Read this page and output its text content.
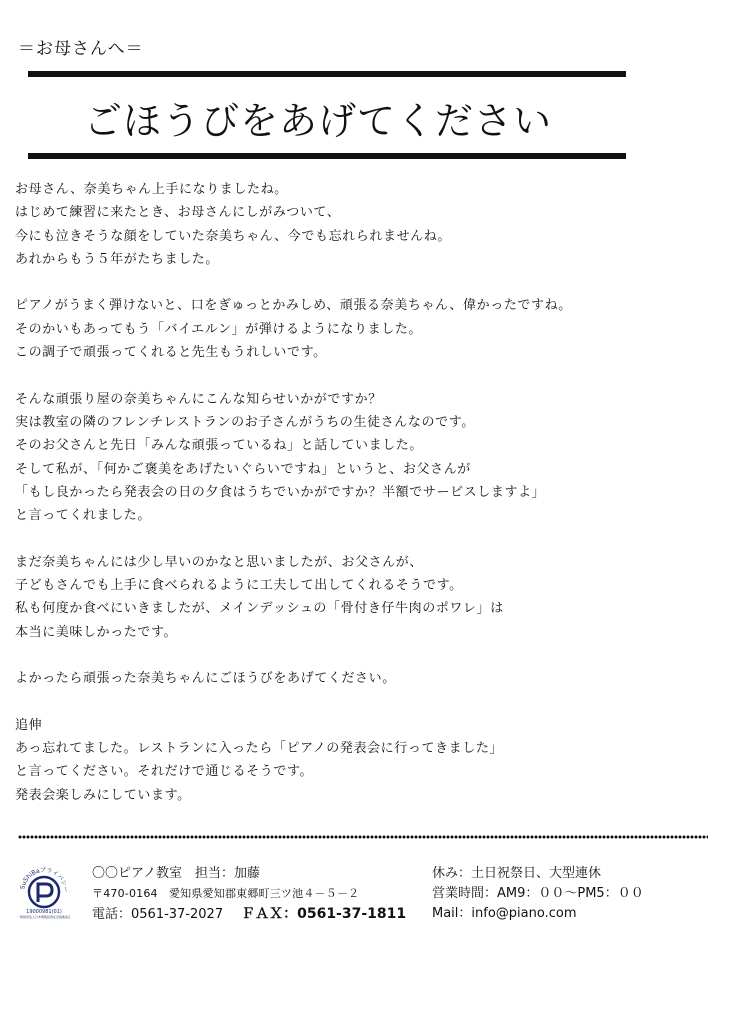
＝お母さんへ＝
ごほうびをあげてください

お母さん、奈美ちゃん上手になりましたね。

はじめて練習に来たとき、お母さんにしがみついて、

今にも泣きそうな顔をしていた奈美ちゃん、今でも忘れられませんね。

あれからもう５年がたちました。

ピアノがうまく弾けないと、口をぎゅっとかみしめ、頑張る奈美ちゃん、偉かったですね。

そのかいもあってもう「バイエルン」が弾けるようになりました。

この調子で頑張ってくれると先生もうれしいです。

そんな頑張り屋の奈美ちゃんにこんな知らせいかがですか？

実は教室の隣のフレンチレストランのお子さんがうちの生徒さんなのです。

そのお父さんと先日「みんな頑張っているね」と話していました。

そして私が、「何かご褒美をあげたいぐらいですね」というと、お父さんが

「もし良かったら発表会の日の夕食はうちでいかがですか？半額でサービスしますよ」

と言ってくれました。

まだ奈美ちゃんには少し早いのかなと思いましたが、お父さんが、

子どもさんでも上手に食べられるように工夫して出してくれるそうです。

私も何度か食べにいきましたが、メインデッシュの「骨付き仔牛肉のポワレ」は

本当に美味しかったです。

よかったら頑張った奈美ちゃんにごほうびをあげてください。

追伸

あっ忘れてました。レストランに入ったら「ピアノの発表会に行ってきました」

と言ってください。それだけで通じるそうです。

発表会楽しみにしています。

SuShiBaプライバシー
19000981(01)
一般財団法人日本情報経済社会推進協会
〇〇ピアノ教室　担当：加藤
〒470-0164　愛知県愛知郡東郷町三ツ池４－５－２
電話：0561-37-2027 ＦＡＸ：0561-37-1811
休み：土日祝祭日、大型連休
営業時間：AM9：００～PM5：００
Mail：info@piano.com
